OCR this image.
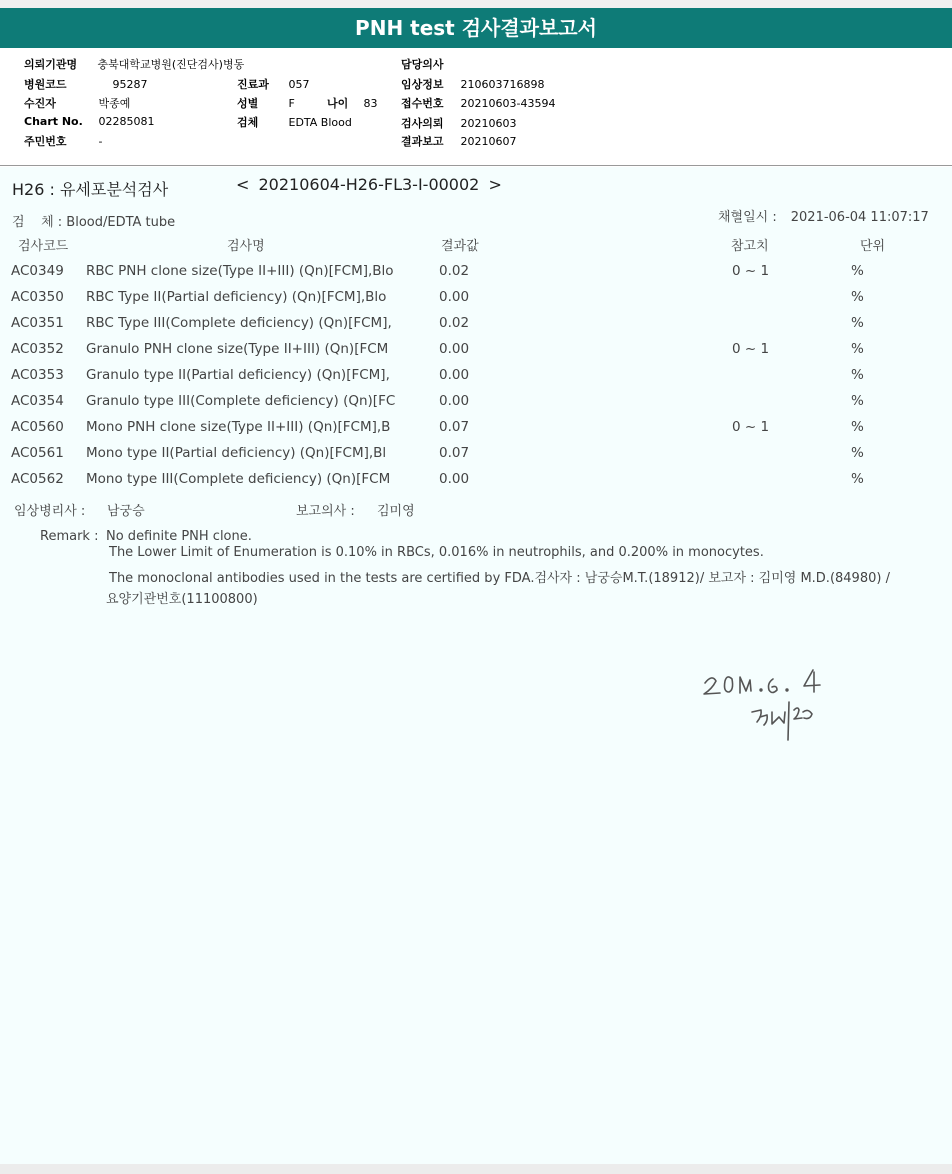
PNH test 검사결과보고서
의뢰기관명 충북대학교병원(진단검사)병동	담당의사
병원코드	95287	진료과 057	임상정보 210603716898
수진자	박종예	성별	F	나이 83 접수번호 20210603-43594
Chart No. 02285081	검체	EDTA Blood	검사의뢰 20210603
주민번호	-	결과보고 20210607
H26 : 유세포분석검사	< 20210604-H26-FL3-I-00002 >
검    체 : Blood/EDTA tube	채혈일시 : 2021-06-04 11:07:17
검사코드	검사명	결과값	참고치	단위
AC0349 RBC PNH clone size(Type II+III) (Qn)[FCM],Blo	0.02	0 ~ 1	%
AC0350 RBC Type II(Partial deficiency) (Qn)[FCM],Blo	0.00	%
AC0351 RBC Type III(Complete deficiency) (Qn)[FCM],	0.02	%
AC0352 Granulo PNH clone size(Type II+III) (Qn)[FCM	0.00	0 ~ 1	%
AC0353 Granulo type II(Partial deficiency) (Qn)[FCM],	0.00	%
AC0354 Granulo type III(Complete deficiency) (Qn)[FC	0.00	%
AC0560 Mono PNH clone size(Type II+III) (Qn)[FCM],B	0.07	0 ~ 1	%
AC0561 Mono type II(Partial deficiency) (Qn)[FCM],Bl	0.07	%
AC0562 Mono type III(Complete deficiency) (Qn)[FCM	0.00	%
임상병리사 : 남궁승	보고의사 : 김미영
Remark : No definite PNH clone.
The Lower Limit of Enumeration is 0.10% in RBCs, 0.016% in neutrophils, and 0.200% in monocytes.
The monoclonal antibodies used in the tests are certified by FDA.검사자 : 남궁승M.T.(18912)/ 보고자 : 김미영 M.D.(84980) /
요양기관번호(11100800)
